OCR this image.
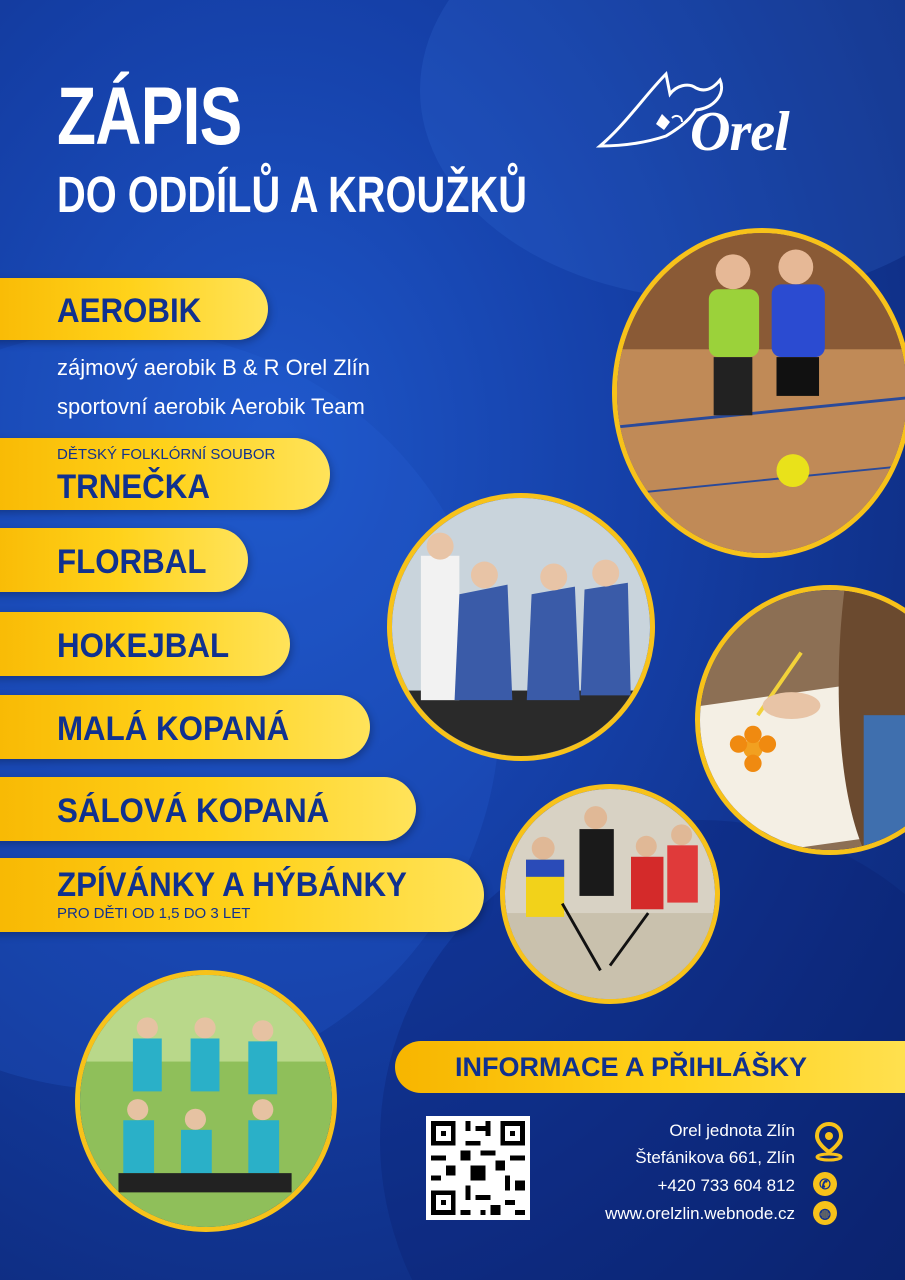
ZÁPIS
DO ODDÍLŮ A KROUŽKŮ
Orel
AEROBIK
zájmový aerobik B & R Orel Zlín
sportovní aerobik Aerobik Team
DĚTSKÝ FOLKLÓRNÍ SOUBOR
TRNEČKA
FLORBAL
HOKEJBAL
MALÁ KOPANÁ
SÁLOVÁ KOPANÁ
ZPÍVÁNKY A HÝBÁNKY
PRO DĚTI OD 1,5 DO 3 LET
INFORMACE A PŘIHLÁŠKY
Orel jednota Zlín
Štefánikova 661, Zlín
+420 733 604 812
www.orelzlin.webnode.cz
✆
◍
